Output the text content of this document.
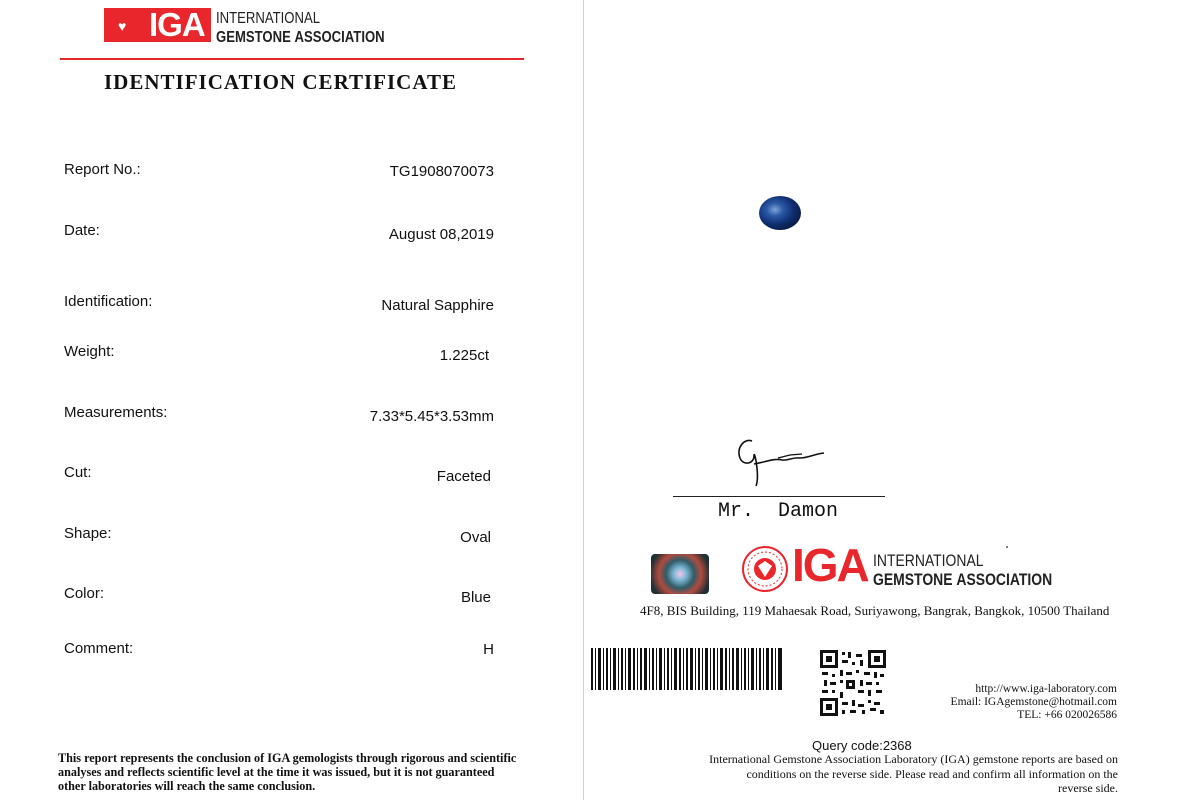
♥ IGA INTERNATIONAL
GEMSTONE ASSOCIATION
IDENTIFICATION CERTIFICATE
Report No.:	TG1908070073
Date:	August 08,2019
Identification:	Natural Sapphire
Weight:	1.225ct
Measurements:	7.33*5.45*3.53mm
Cut:	Faceted
Shape:	Oval
Color:	Blue
Comment:	H
This report represents the conclusion of IGA gemologists through rigorous and scientific
analyses and reflects scientific level at the time it was issued, but it is not guaranteed
other laboratories will reach the same conclusion.
Mr.  Damon
IGA INTERNATIONAL
GEMSTONE ASSOCIATION
4F8, BIS Building, 119 Mahaesak Road, Suriyawong, Bangrak, Bangkok, 10500 Thailand
http://www.iga-laboratory.com
Email: IGAgemstone@hotmail.com
TEL: +66 020026586
Query code:2368
International Gemstone Association Laboratory (IGA) gemstone reports are based on
conditions on the reverse side. Please read and confirm all information on the
reverse side.
